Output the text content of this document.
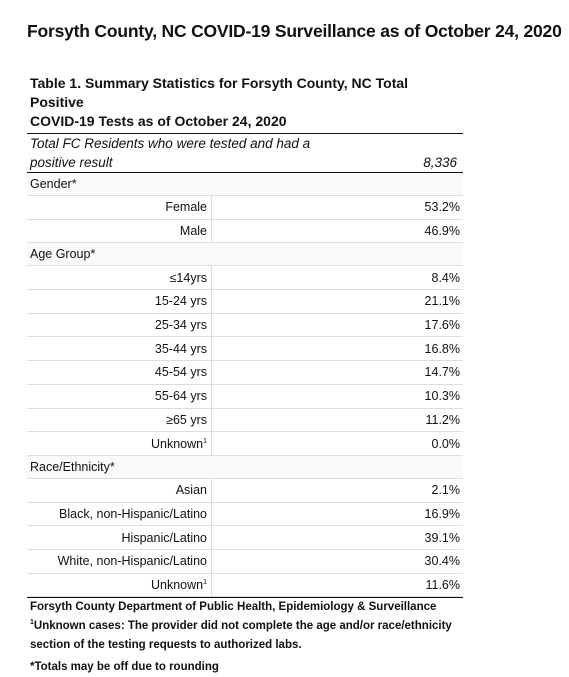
Forsyth County, NC COVID-19 Surveillance as of October 24, 2020
Table 1. Summary Statistics for Forsyth County, NC Total Positive
COVID-19 Tests as of October 24, 2020
Total FC Residents who were tested and had a
positive result	8,336
Gender*
Female	53.2%
Male	46.9%
Age Group*
≤14yrs	8.4%
15-24 yrs	21.1%
25-34 yrs	17.6%
35-44 yrs	16.8%
45-54 yrs	14.7%
55-64 yrs	10.3%
≥65 yrs	11.2%
Unknown$^1$	0.0%
Race/Ethnicity*
Asian	2.1%
Black, non-Hispanic/Latino	16.9%
Hispanic/Latino	39.1%
White, non-Hispanic/Latino	30.4%
Unknown$^1$	11.6%
Forsyth County Department of Public Health, Epidemiology & Surveillance
$^1$Unknown cases: The provider did not complete the age and/or race/ethnicity
section of the testing requests to authorized labs.
*Totals may be off due to rounding
